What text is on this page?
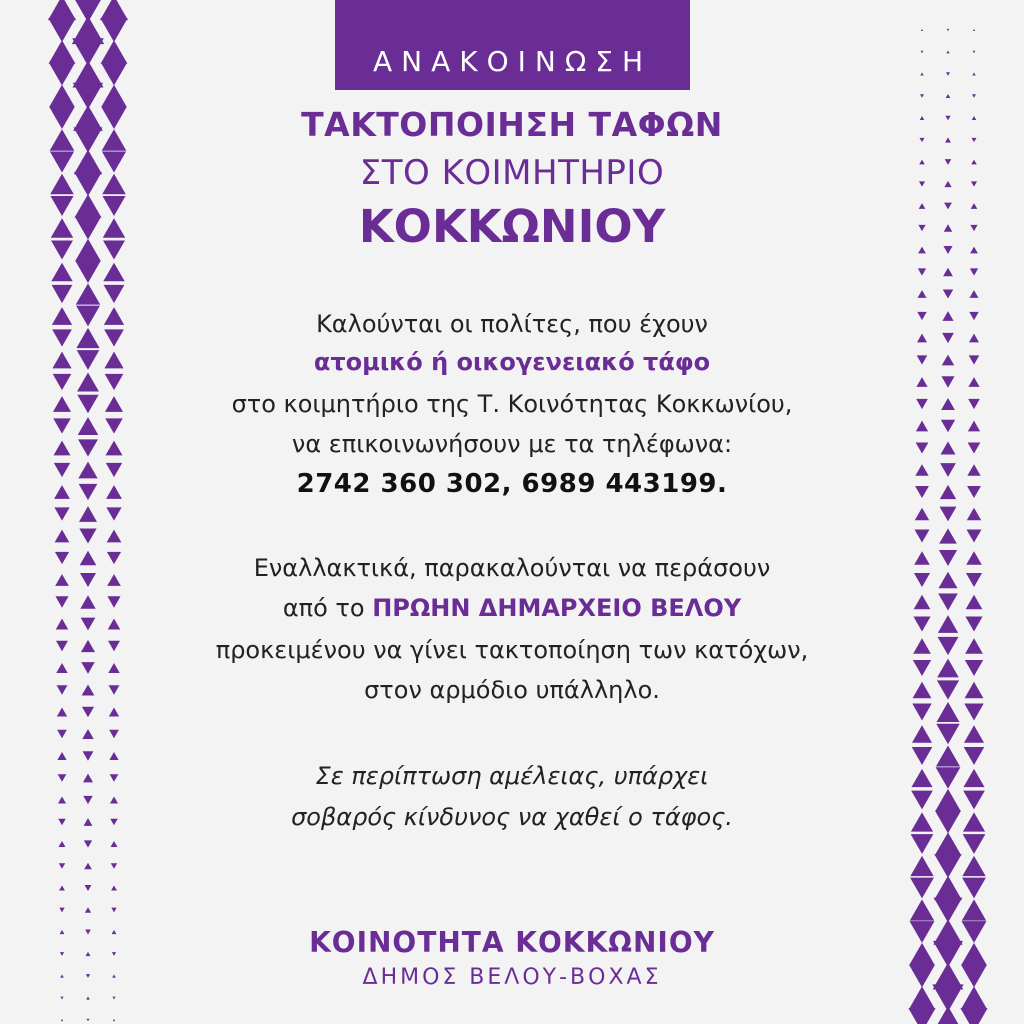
ΑΝΑΚΟΙΝΩΣΗ
ΤΑΚΤΟΠΟΙΗΣΗ ΤΑΦΩΝ
ΣΤΟ ΚΟΙΜΗΤΗΡΙΟ
ΚΟΚΚΩΝΙΟΥ
Καλούνται οι πολίτες, που έχουν
ατομικό ή οικογενειακό τάφο
στο κοιμητήριο της Τ. Κοινότητας Κοκκωνίου,
να επικοινωνήσουν με τα τηλέφωνα:
2742 360 302, 6989 443199.
Εναλλακτικά, παρακαλούνται να περάσουν
από το ΠΡΩΗΝ ΔΗΜΑΡΧΕΙΟ ΒΕΛΟΥ
προκειμένου να γίνει τακτοποίηση των κατόχων,
στον αρμόδιο υπάλληλο.
Σε περίπτωση αμέλειας, υπάρχει
σοβαρός κίνδυνος να χαθεί ο τάφος.
ΚΟΙΝΟΤΗΤΑ ΚΟΚΚΩΝΙΟΥ
ΔΗΜΟΣ ΒΕΛΟΥ-ΒΟΧΑΣ
